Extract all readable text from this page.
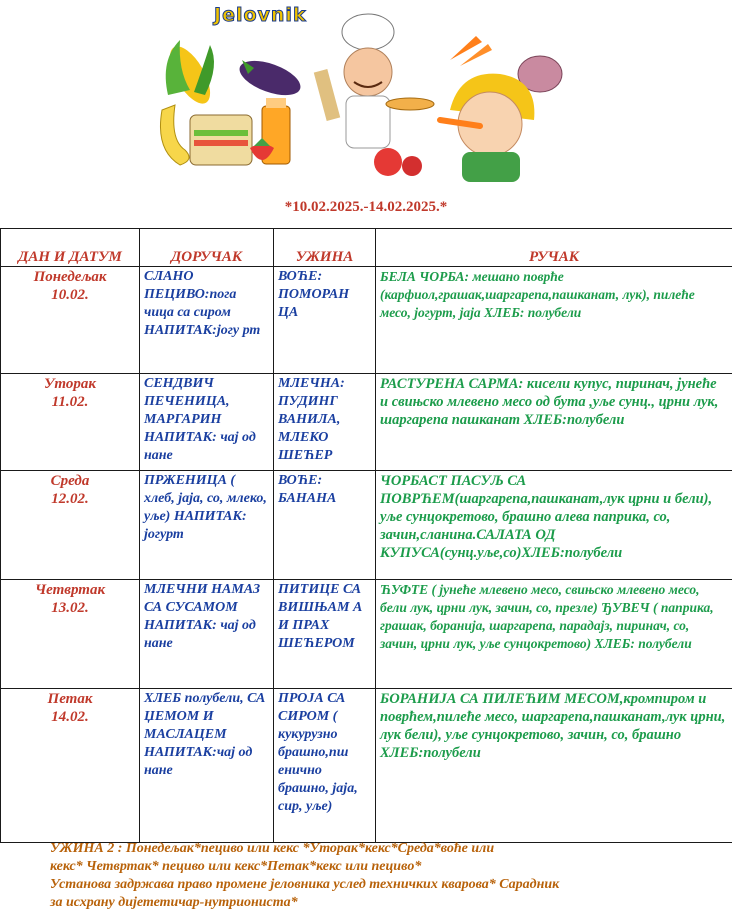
Jelovnik
*10.02.2025.-14.02.2025.*
ДАН И ДАТУМ	ДОРУЧАК	УЖИНА	РУЧАК

Понедељак
10.02.	СЛАНО ПЕЦИВО:пога чица са сиром НАПИТАК:јогу рт	ВОЋЕ: ПОМОРАН ЦА	БЕЛА ЧОРБА: мешано поврће (карфиол,грашак,шаргарепа,пашканат, лук), пилеће месо, јогурт, јаја ХЛЕБ: полубели

Уторак
11.02.	СЕНДВИЧ ПЕЧЕНИЦА, МАРГАРИН НАПИТАК: чај од нане	МЛЕЧНА: ПУДИНГ ВАНИЛА, МЛЕКО ШЕЋЕР	РАСТУРЕНА САРМА: кисели купус, пиринач, јунеће и свињско млевено месо од бута ,уље сунц., црни лук, шаргарепа пашканат ХЛЕБ:полубели

Среда
12.02.	ПРЖЕНИЦА ( хлеб, јаја, со, млеко, уље) НАПИТАК: јогурт	ВОЋЕ: БАНАНА	ЧОРБАСТ ПАСУЉ СА ПОВРЋЕМ(шаргарепа,пашканат,лук црни и бели), уље сунцокретово, брашно алева паприка, со, зачин,сланина.САЛАТА ОД КУПУСА(сунц.уље,со)ХЛЕБ:полубели

Четвртак
13.02.	МЛЕЧНИ НАМАЗ СА СУСАМОМ НАПИТАК: чај од нане	ПИТИЦЕ СА ВИШЊАМ А И ПРАХ ШЕЋЕРОМ	ЋУФТЕ ( јунеће млевено месо, свињско млевено месо, бели лук, црни лук, зачин, со, презле) ЂУВЕЧ ( паприка, грашак, боранија, шаргарепа, парадајз, пиринач, со, зачин, црни лук, уље сунцокретово) ХЛЕБ: полубели

Петак
14.02.	ХЛЕБ полубели, СА ЏЕМОМ И МАСЛАЦЕМ НАПИТАК:чај од нане	ПРОЈА СА СИРОМ ( кукурузно брашно,пш енично брашно, јаја, сир, уље)	БОРАНИЈА СА ПИЛЕЋИМ МЕСОМ,кромпиром и поврћем,пилеће месо, шаргарепа,пашканат,лук црни, лук бели), уље сунцокретово, зачин, со, брашно ХЛЕБ:полубели
УЖИНА 2 : Понедељак*пециво или кекс *Уторак*кекс*Среда*воће или
кекс* Четвртак* пециво или кекс*Петак*кекс или пецивo*
Установа задржава право промене јеловника услед техничких кварова* Сарадник
за исхрану дијететичар-нутриониста*
